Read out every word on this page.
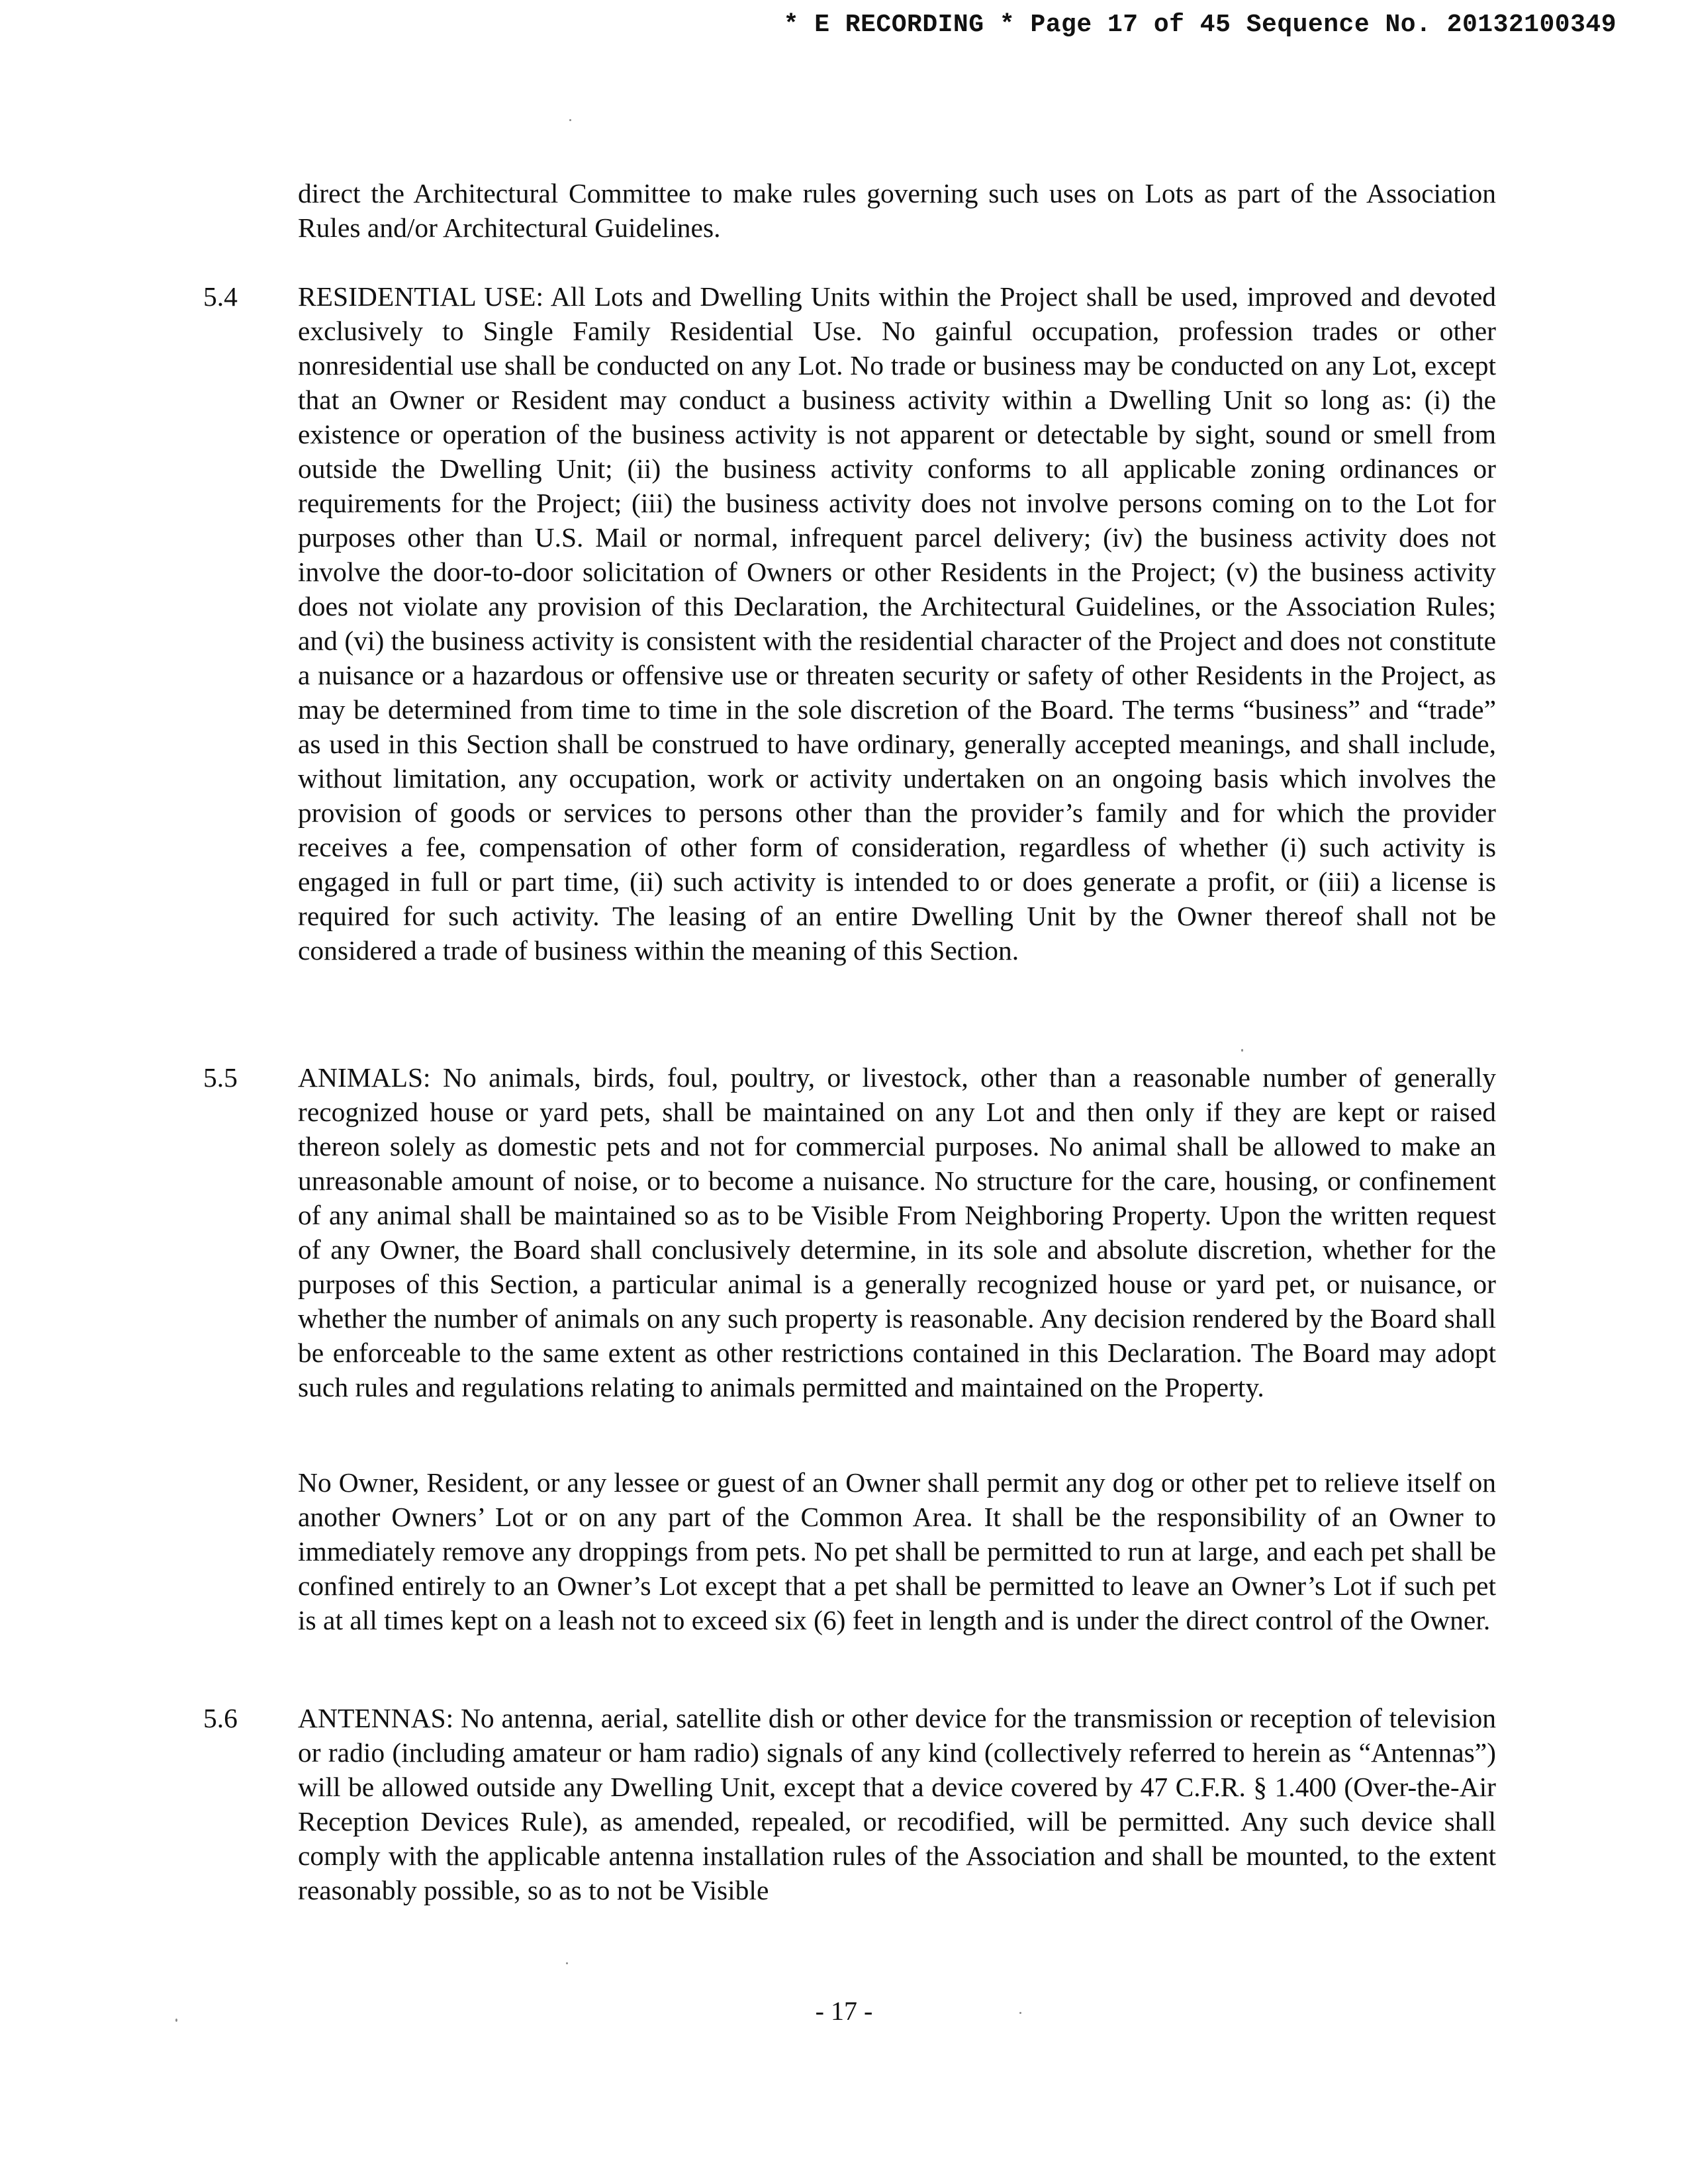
* E RECORDING * Page 17 of 45 Sequence No. 20132100349

direct the Architectural Committee to make rules governing such uses on Lots as part of the Association Rules and/or Architectural Guidelines.

5.4 RESIDENTIAL USE: All Lots and Dwelling Units within the Project shall be used, improved and devoted exclusively to Single Family Residential Use. No gainful occupation, profession trades or other nonresidential use shall be conducted on any Lot. No trade or business may be conducted on any Lot, except that an Owner or Resident may conduct a business activity within a Dwelling Unit so long as: (i) the existence or operation of the business activity is not apparent or detectable by sight, sound or smell from outside the Dwelling Unit; (ii) the business activity conforms to all applicable zoning ordinances or requirements for the Project; (iii) the business activity does not involve persons coming on to the Lot for purposes other than U.S. Mail or normal, infrequent parcel delivery; (iv) the business activity does not involve the door-to-door solicitation of Owners or other Residents in the Project; (v) the business activity does not violate any provision of this Declaration, the Architectural Guidelines, or the Association Rules; and (vi) the business activity is consistent with the residential character of the Project and does not constitute a nuisance or a hazardous or offensive use or threaten security or safety of other Residents in the Project, as may be determined from time to time in the sole discretion of the Board. The terms “business” and “trade” as used in this Section shall be construed to have ordinary, generally accepted meanings, and shall include, without limitation, any occupation, work or activity undertaken on an ongoing basis which involves the provision of goods or services to persons other than the provider’s family and for which the provider receives a fee, compensation of other form of consideration, regardless of whether (i) such activity is engaged in full or part time, (ii) such activity is intended to or does generate a profit, or (iii) a license is required for such activity. The leasing of an entire Dwelling Unit by the Owner thereof shall not be considered a trade of business within the meaning of this Section.

5.5 ANIMALS: No animals, birds, foul, poultry, or livestock, other than a reasonable number of generally recognized house or yard pets, shall be maintained on any Lot and then only if they are kept or raised thereon solely as domestic pets and not for commercial purposes. No animal shall be allowed to make an unreasonable amount of noise, or to become a nuisance. No structure for the care, housing, or confinement of any animal shall be maintained so as to be Visible From Neighboring Property. Upon the written request of any Owner, the Board shall conclusively determine, in its sole and absolute discretion, whether for the purposes of this Section, a particular animal is a generally recognized house or yard pet, or nuisance, or whether the number of animals on any such property is reasonable. Any decision rendered by the Board shall be enforceable to the same extent as other restrictions contained in this Declaration. The Board may adopt such rules and regulations relating to animals permitted and maintained on the Property.

No Owner, Resident, or any lessee or guest of an Owner shall permit any dog or other pet to relieve itself on another Owners’ Lot or on any part of the Common Area. It shall be the responsibility of an Owner to immediately remove any droppings from pets. No pet shall be permitted to run at large, and each pet shall be confined entirely to an Owner’s Lot except that a pet shall be permitted to leave an Owner’s Lot if such pet is at all times kept on a leash not to exceed six (6) feet in length and is under the direct control of the Owner.

5.6 ANTENNAS: No antenna, aerial, satellite dish or other device for the transmission or reception of television or radio (including amateur or ham radio) signals of any kind (collectively referred to herein as “Antennas”) will be allowed outside any Dwelling Unit, except that a device covered by 47 C.F.R. § 1.400 (Over-the-Air Reception Devices Rule), as amended, repealed, or recodified, will be permitted. Any such device shall comply with the applicable antenna installation rules of the Association and shall be mounted, to the extent reasonably possible, so as to not be Visible

- 17 -
